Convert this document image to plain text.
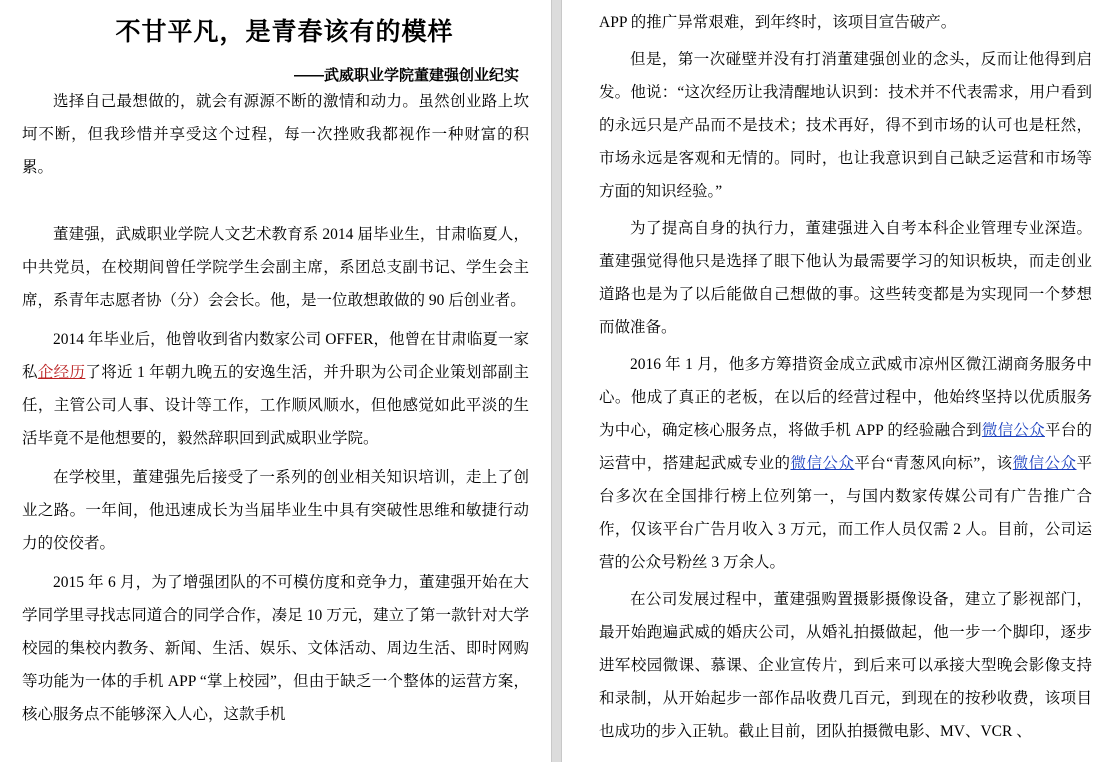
不甘平凡，是青春该有的模样
——武威职业学院董建强创业纪实

选择自己最想做的，就会有源源不断的激情和动力。虽然创业路上坎坷不断，但我珍惜并享受这个过程，每一次挫败我都视作一种财富的积累。

董建强，武威职业学院人文艺术教育系 2014 届毕业生，甘肃临夏人，中共党员，在校期间曾任学院学生会副主席，系团总支副书记、学生会主席，系青年志愿者协（分）会会长。他，是一位敢想敢做的 90 后创业者。

2014 年毕业后，他曾收到省内数家公司 OFFER，他曾在甘肃临夏一家私企经历了将近 1 年朝九晚五的安逸生活，并升职为公司企业策划部副主任，主管公司人事、设计等工作，工作顺风顺水，但他感觉如此平淡的生活毕竟不是他想要的，毅然辞职回到武威职业学院。

在学校里，董建强先后接受了一系列的创业相关知识培训，走上了创业之路。一年间，他迅速成长为当届毕业生中具有突破性思维和敏捷行动力的佼佼者。

2015 年 6 月，为了增强团队的不可模仿度和竞争力，董建强开始在大学同学里寻找志同道合的同学合作，凑足 10 万元，建立了第一款针对大学校园的集校内教务、新闻、生活、娱乐、文体活动、周边生活、即时网购等功能为一体的手机 APP “掌上校园”，但由于缺乏一个整体的运营方案，核心服务点不能够深入人心，这款手机

APP 的推广异常艰难，到年终时，该项目宣告破产。

但是，第一次碰壁并没有打消董建强创业的念头，反而让他得到启发。他说：“这次经历让我清醒地认识到：技术并不代表需求，用户看到的永远只是产品而不是技术；技术再好，得不到市场的认可也是枉然，市场永远是客观和无情的。同时，也让我意识到自己缺乏运营和市场等方面的知识经验。”

为了提高自身的执行力，董建强进入自考本科企业管理专业深造。董建强觉得他只是选择了眼下他认为最需要学习的知识板块，而走创业道路也是为了以后能做自己想做的事。这些转变都是为实现同一个梦想而做准备。

2016 年 1 月，他多方筹措资金成立武威市凉州区微江湖商务服务中心。他成了真正的老板，在以后的经营过程中，他始终坚持以优质服务为中心，确定核心服务点，将做手机 APP 的经验融合到微信公众平台的运营中，搭建起武威专业的微信公众平台“青葱风向标”，该微信公众平台多次在全国排行榜上位列第一，与国内数家传媒公司有广告推广合作，仅该平台广告月收入 3 万元，而工作人员仅需 2 人。目前，公司运营的公众号粉丝 3 万余人。

在公司发展过程中，董建强购置摄影摄像设备，建立了影视部门，最开始跑遍武威的婚庆公司，从婚礼拍摄做起，他一步一个脚印，逐步进军校园微课、慕课、企业宣传片，到后来可以承接大型晚会影像支持和录制，从开始起步一部作品收费几百元，到现在的按秒收费，该项目也成功的步入正轨。截止目前，团队拍摄微电影、MV、VCR 、
